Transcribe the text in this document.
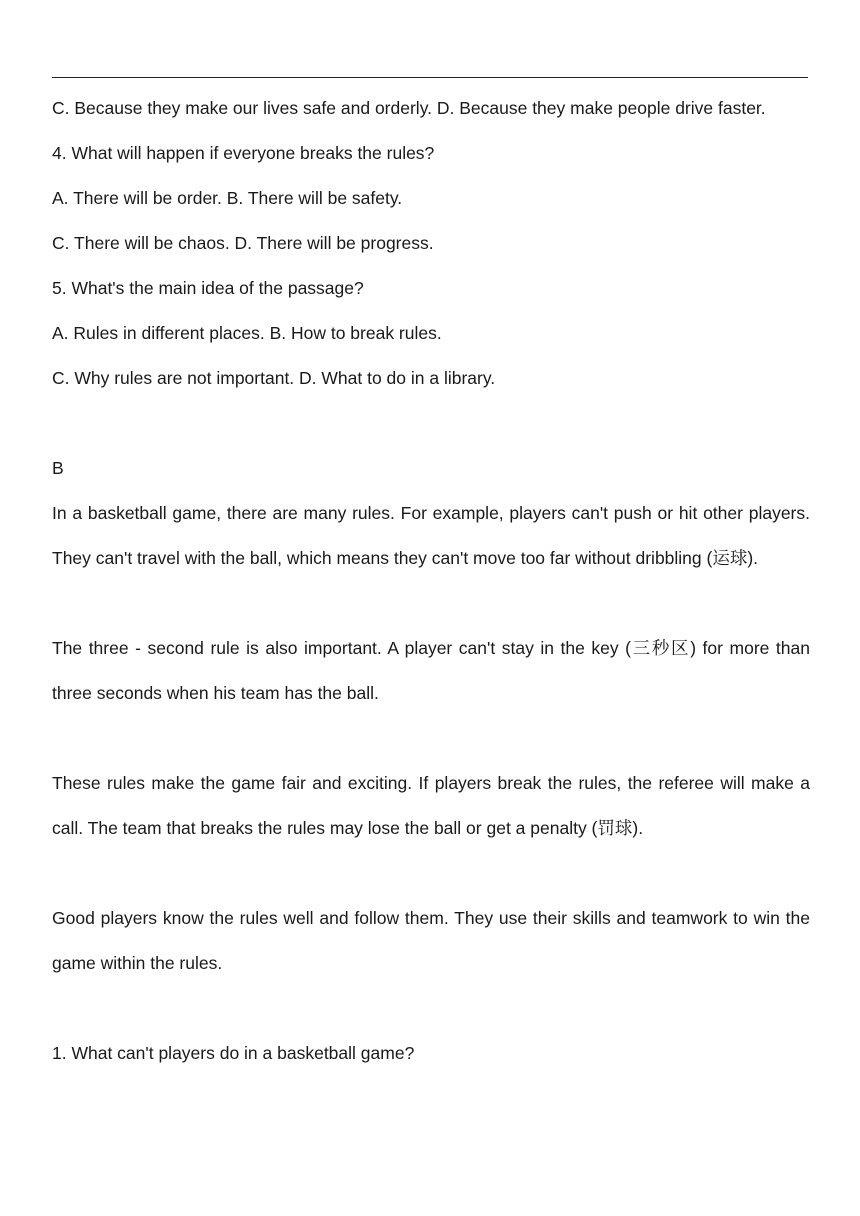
C. Because they make our lives safe and orderly. D. Because they make people drive faster.

4. What will happen if everyone breaks the rules?

A. There will be order. B. There will be safety.

C. There will be chaos. D. There will be progress.

5. What's the main idea of the passage?

A. Rules in different places. B. How to break rules.

C. Why rules are not important. D. What to do in a library.

B

In a basketball game, there are many rules. For example, players can't push or hit other players. They can't travel with the ball, which means they can't move too far without dribbling (运球).

The three - second rule is also important. A player can't stay in the key (三秒区) for more than three seconds when his team has the ball.

These rules make the game fair and exciting. If players break the rules, the referee will make a call. The team that breaks the rules may lose the ball or get a penalty (罚球).

Good players know the rules well and follow them. They use their skills and teamwork to win the game within the rules.

1. What can't players do in a basketball game?
